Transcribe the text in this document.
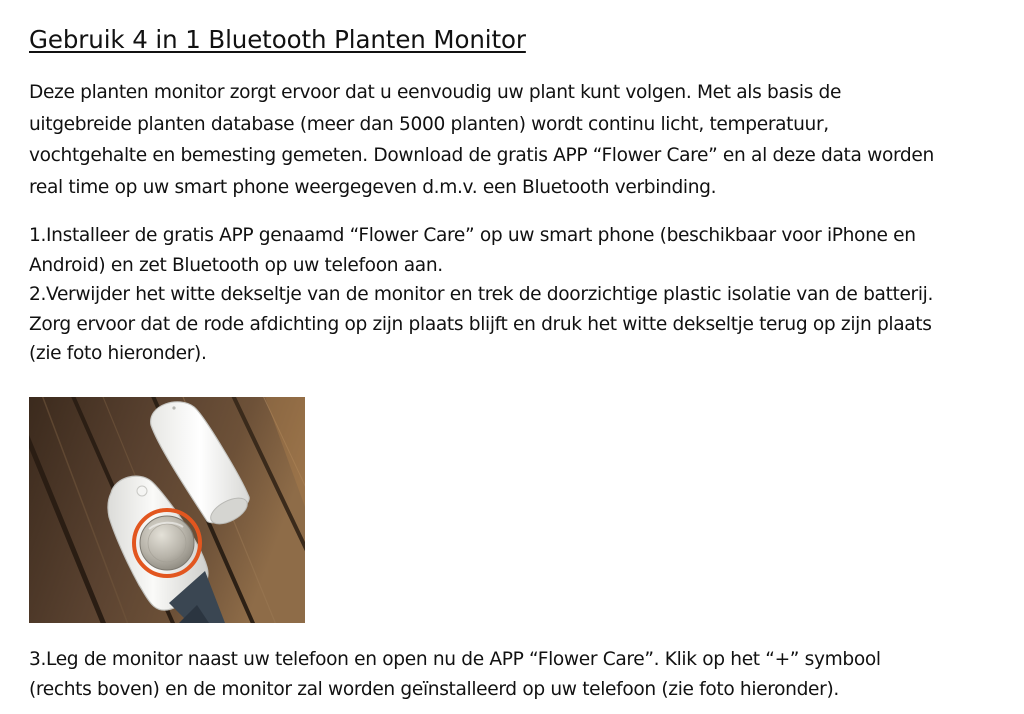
Gebruik 4 in 1 Bluetooth Planten Monitor

Deze planten monitor zorgt ervoor dat u eenvoudig uw plant kunt volgen. Met als basis de
uitgebreide planten database (meer dan 5000 planten) wordt continu licht, temperatuur,
vochtgehalte en bemesting gemeten. Download de gratis APP “Flower Care” en al deze data worden
real time op uw smart phone weergegeven d.m.v. een Bluetooth verbinding.

1.Installeer de gratis APP genaamd “Flower Care” op uw smart phone (beschikbaar voor iPhone en
Android) en zet Bluetooth op uw telefoon aan.
2.Verwijder het witte dekseltje van de monitor en trek de doorzichtige plastic isolatie van de batterij.
Zorg ervoor dat de rode afdichting op zijn plaats blijft en druk het witte dekseltje terug op zijn plaats
(zie foto hieronder).

3.Leg de monitor naast uw telefoon en open nu de APP “Flower Care”. Klik op het “+” symbool
(rechts boven) en de monitor zal worden geïnstalleerd op uw telefoon (zie foto hieronder).
